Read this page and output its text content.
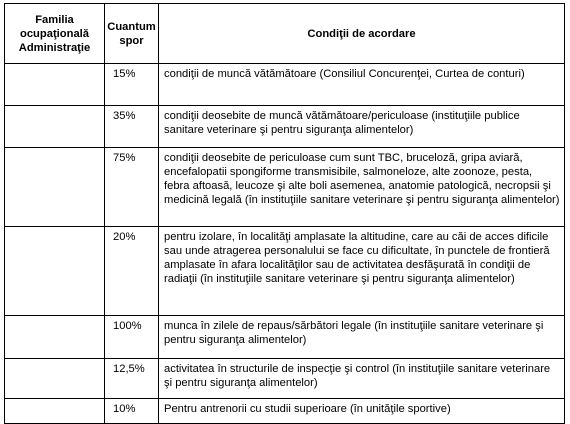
Familia ocupaţională Administraţie	Cuantum spor	Condiţii de acordare
	15%	condiţii de muncă vătămătoare (Consiliul Concurenţei, Curtea de conturi)
	35%	condiţii deosebite de muncă vătămătoare/periculoase (instituţiile publice sanitare veterinare şi pentru siguranţa alimentelor)
	75%	condiţii deosebite de periculoase cum sunt TBC, bruceloză, gripa aviară, encefalopatii spongiforme transmisibile, salmoneloze, alte zoonoze, pesta, febra aftoasă, leucoze şi alte boli asemenea, anatomie patologică, necropsii şi medicină legală (în instituţiile sanitare veterinare şi pentru siguranţa alimentelor)
	20%	pentru izolare, în localităţi amplasate la altitudine, care au căi de acces dificile sau unde atragerea personalului se face cu dificultate, în punctele de frontieră amplasate în afara localităţilor sau de activitatea desfăşurată în condiţii de radiaţii (în instituţiile sanitare veterinare şi pentru siguranţa alimentelor)
	100%	munca în zilele de repaus/sărbători legale (în instituţiile sanitare veterinare şi pentru siguranţa alimentelor)
	12,5%	activitatea în structurile de inspecţie şi control (în instituţiile sanitare veterinare şi pentru siguranţa alimentelor)
	10%	Pentru antrenorii cu studii superioare (în unităţile sportive)
